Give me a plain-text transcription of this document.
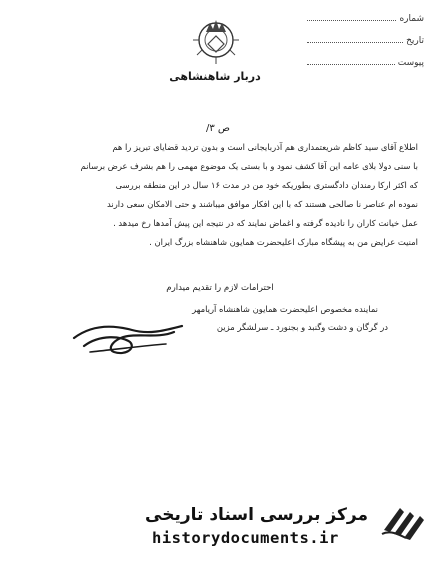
شماره
تاریخ
پیوست
دربار شاهنشاهی
ص ۳/

اطلاع آقای سید کاظم شریعتمداری هم آذربایجانی است و بدون تردید قضایای تبریز را هم

با سنی دولا بلای عامه این آقا کشف نمود و با بستی یک موضوع مهمی را هم بشرف عرض برسانم

که اکثر ارکا رمندان دادگستری بطوریکه خود من در مدت ۱۶ سال در این منطقه بررسی

نموده ام عناصر نا صالحی هستند که با این افکار موافق میباشند و حتی الامکان سعی دارند

عمل خیانت کاران را نادیده گرفته و اغماض نمایند که در نتیجه این پیش آمدها رخ میدهد .

امنیت عرایض من به پیشگاه مبارک اعلیحضرت همایون شاهنشاه بزرگ ایران .

احترامات لازم را تقدیم میدارم
نماینده مخصوص اعلیحضرت همایون شاهنشاه آریامهر
در گرگان و دشت وگنبد و بجنورد ـ سرلشگر مزین
مرکز بررسی اسناد تاریخی
historydocuments.ir
